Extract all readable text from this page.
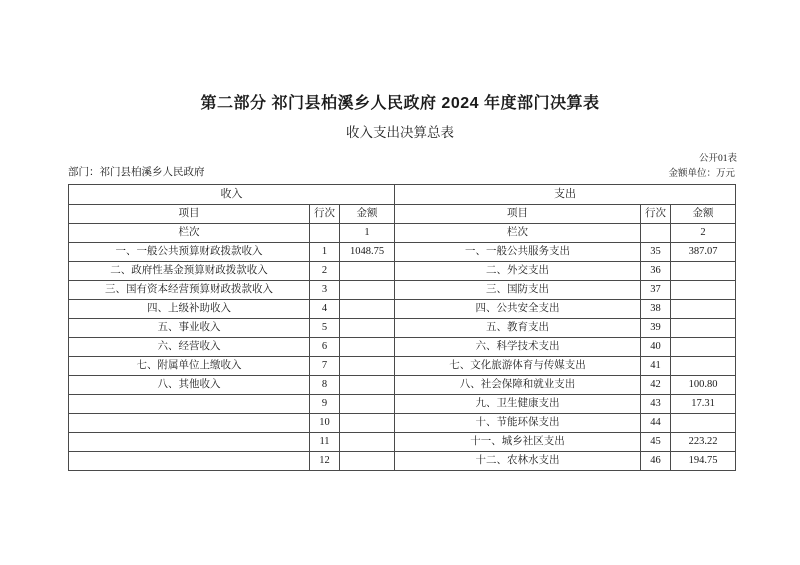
第二部分 祁门县柏溪乡人民政府 2024 年度部门决算表
收入支出决算总表
公开01表
部门：祁门县柏溪乡人民政府	金额单位：万元
收入			支出		
项目	行次	金额	项目	行次	金额
栏次		1	栏次		2
一、一般公共预算财政拨款收入	1	1048.75	一、一般公共服务支出	35	387.07
二、政府性基金预算财政拨款收入	2		二、外交支出	36	
三、国有资本经营预算财政拨款收入	3		三、国防支出	37	
四、上级补助收入	4		四、公共安全支出	38	
五、事业收入	5		五、教育支出	39	
六、经营收入	6		六、科学技术支出	40	
七、附属单位上缴收入	7		七、文化旅游体育与传媒支出	41	
八、其他收入	8		八、社会保障和就业支出	42	100.80
	9		九、卫生健康支出	43	17.31
	10		十、节能环保支出	44	
	11		十一、城乡社区支出	45	223.22
	12		十二、农林水支出	46	194.75
